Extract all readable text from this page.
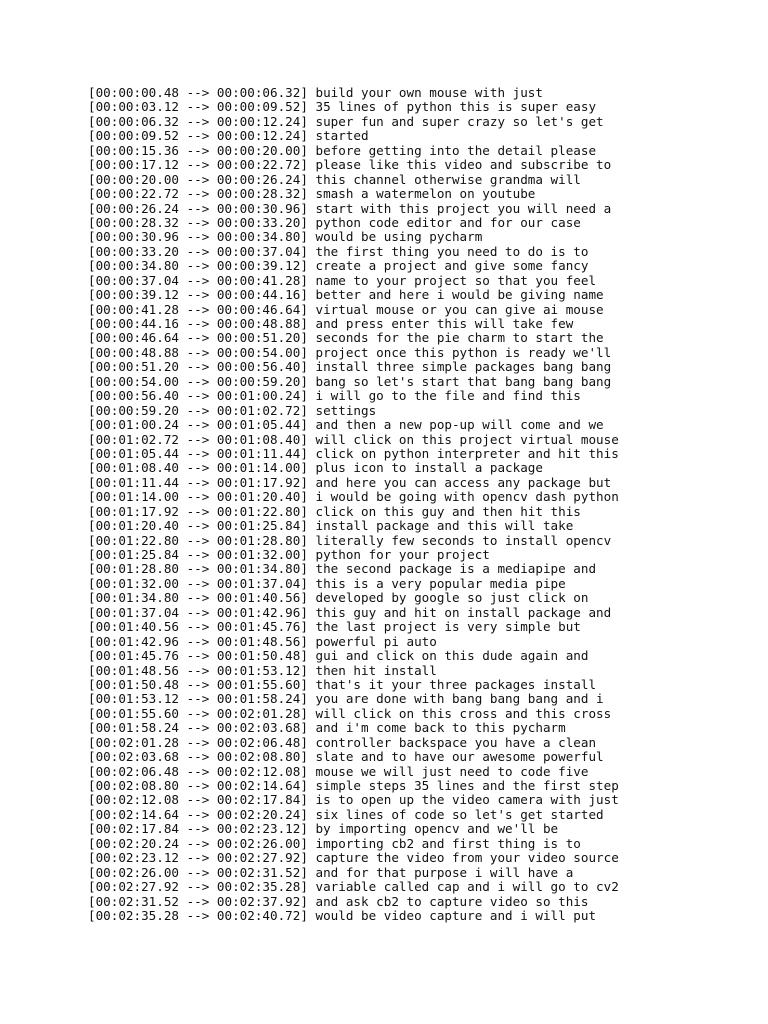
[00:00:00.48 --> 00:00:06.32] build your own mouse with just
[00:00:03.12 --> 00:00:09.52] 35 lines of python this is super easy
[00:00:06.32 --> 00:00:12.24] super fun and super crazy so let's get
[00:00:09.52 --> 00:00:12.24] started
[00:00:15.36 --> 00:00:20.00] before getting into the detail please
[00:00:17.12 --> 00:00:22.72] please like this video and subscribe to
[00:00:20.00 --> 00:00:26.24] this channel otherwise grandma will
[00:00:22.72 --> 00:00:28.32] smash a watermelon on youtube
[00:00:26.24 --> 00:00:30.96] start with this project you will need a
[00:00:28.32 --> 00:00:33.20] python code editor and for our case
[00:00:30.96 --> 00:00:34.80] would be using pycharm
[00:00:33.20 --> 00:00:37.04] the first thing you need to do is to
[00:00:34.80 --> 00:00:39.12] create a project and give some fancy
[00:00:37.04 --> 00:00:41.28] name to your project so that you feel
[00:00:39.12 --> 00:00:44.16] better and here i would be giving name
[00:00:41.28 --> 00:00:46.64] virtual mouse or you can give ai mouse
[00:00:44.16 --> 00:00:48.88] and press enter this will take few
[00:00:46.64 --> 00:00:51.20] seconds for the pie charm to start the
[00:00:48.88 --> 00:00:54.00] project once this python is ready we'll
[00:00:51.20 --> 00:00:56.40] install three simple packages bang bang
[00:00:54.00 --> 00:00:59.20] bang so let's start that bang bang bang
[00:00:56.40 --> 00:01:00.24] i will go to the file and find this
[00:00:59.20 --> 00:01:02.72] settings
[00:01:00.24 --> 00:01:05.44] and then a new pop-up will come and we
[00:01:02.72 --> 00:01:08.40] will click on this project virtual mouse
[00:01:05.44 --> 00:01:11.44] click on python interpreter and hit this
[00:01:08.40 --> 00:01:14.00] plus icon to install a package
[00:01:11.44 --> 00:01:17.92] and here you can access any package but
[00:01:14.00 --> 00:01:20.40] i would be going with opencv dash python
[00:01:17.92 --> 00:01:22.80] click on this guy and then hit this
[00:01:20.40 --> 00:01:25.84] install package and this will take
[00:01:22.80 --> 00:01:28.80] literally few seconds to install opencv
[00:01:25.84 --> 00:01:32.00] python for your project
[00:01:28.80 --> 00:01:34.80] the second package is a mediapipe and
[00:01:32.00 --> 00:01:37.04] this is a very popular media pipe
[00:01:34.80 --> 00:01:40.56] developed by google so just click on
[00:01:37.04 --> 00:01:42.96] this guy and hit on install package and
[00:01:40.56 --> 00:01:45.76] the last project is very simple but
[00:01:42.96 --> 00:01:48.56] powerful pi auto
[00:01:45.76 --> 00:01:50.48] gui and click on this dude again and
[00:01:48.56 --> 00:01:53.12] then hit install
[00:01:50.48 --> 00:01:55.60] that's it your three packages install
[00:01:53.12 --> 00:01:58.24] you are done with bang bang bang and i
[00:01:55.60 --> 00:02:01.28] will click on this cross and this cross
[00:01:58.24 --> 00:02:03.68] and i'm come back to this pycharm
[00:02:01.28 --> 00:02:06.48] controller backspace you have a clean
[00:02:03.68 --> 00:02:08.80] slate and to have our awesome powerful
[00:02:06.48 --> 00:02:12.08] mouse we will just need to code five
[00:02:08.80 --> 00:02:14.64] simple steps 35 lines and the first step
[00:02:12.08 --> 00:02:17.84] is to open up the video camera with just
[00:02:14.64 --> 00:02:20.24] six lines of code so let's get started
[00:02:17.84 --> 00:02:23.12] by importing opencv and we'll be
[00:02:20.24 --> 00:02:26.00] importing cb2 and first thing is to
[00:02:23.12 --> 00:02:27.92] capture the video from your video source
[00:02:26.00 --> 00:02:31.52] and for that purpose i will have a
[00:02:27.92 --> 00:02:35.28] variable called cap and i will go to cv2
[00:02:31.52 --> 00:02:37.92] and ask cb2 to capture video so this
[00:02:35.28 --> 00:02:40.72] would be video capture and i will put
